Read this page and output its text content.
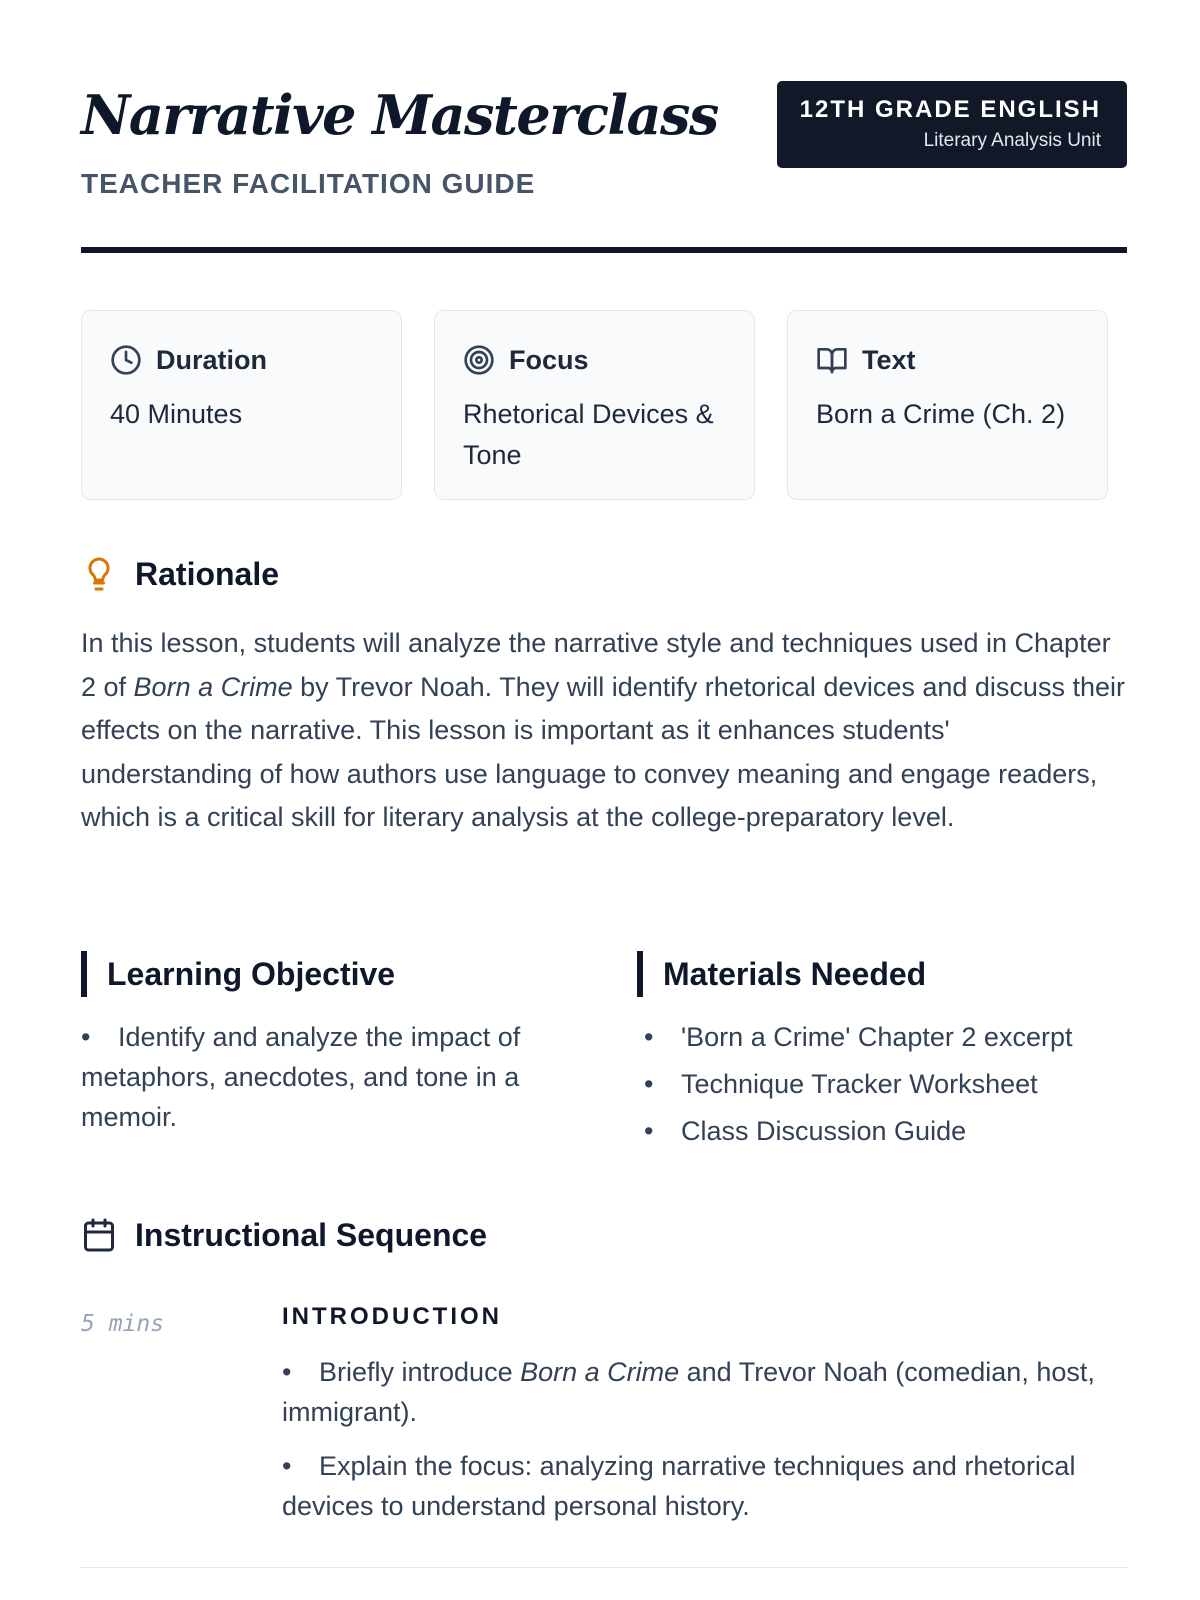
Narrative Masterclass
TEACHER FACILITATION GUIDE
12TH GRADE ENGLISH
Literary Analysis Unit
Duration
40 Minutes
Focus
Rhetorical Devices & Tone
Text
Born a Crime (Ch. 2)
Rationale

In this lesson, students will analyze the narrative style and techniques used in Chapter 2 of Born a Crime by Trevor Noah. They will identify rhetorical devices and discuss their effects on the narrative. This lesson is important as it enhances students' understanding of how authors use language to convey meaning and engage readers, which is a critical skill for literary analysis at the college-preparatory level.

Learning Objective
• Identify and analyze the impact of metaphors, anecdotes, and tone in a memoir.
Materials Needed
• 'Born a Crime' Chapter 2 excerpt
• Technique Tracker Worksheet
• Class Discussion Guide
Instructional Sequence
5 mins	INTRODUCTION
• Briefly introduce Born a Crime and Trevor Noah (comedian, host, immigrant).
• Explain the focus: analyzing narrative techniques and rhetorical devices to understand personal history.
